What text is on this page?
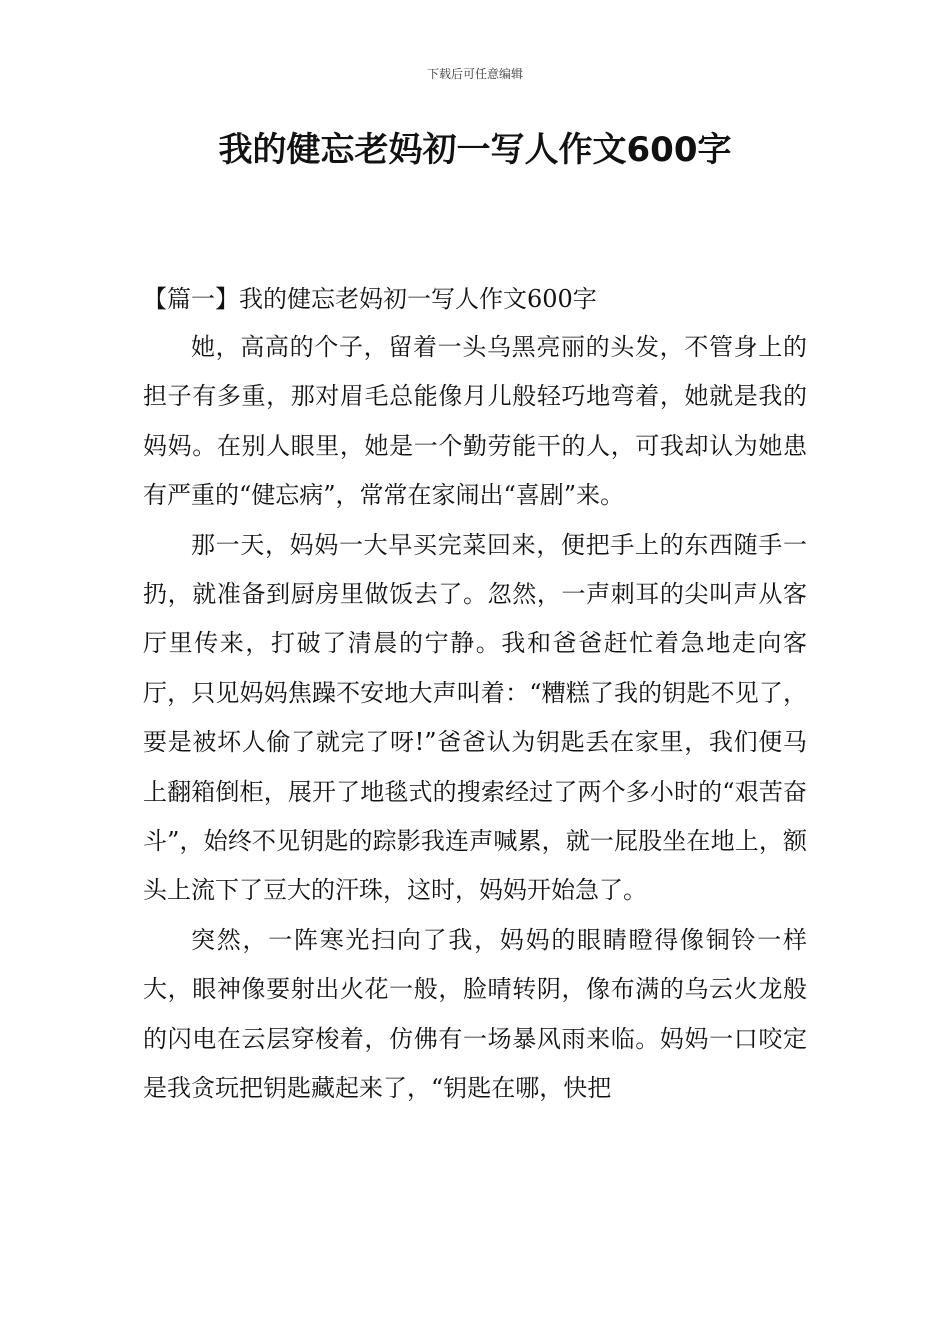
下载后可任意编辑
我的健忘老妈初一写人作文600字
【篇一】我的健忘老妈初一写人作文600字

她，高高的个子，留着一头乌黑亮丽的头发，不管身上的担子有多重，那对眉毛总能像月儿般轻巧地弯着，她就是我的妈妈。在别人眼里，她是一个勤劳能干的人，可我却认为她患有严重的“健忘病”，常常在家闹出“喜剧”来。

那一天，妈妈一大早买完菜回来，便把手上的东西随手一扔，就准备到厨房里做饭去了。忽然，一声刺耳的尖叫声从客厅里传来，打破了清晨的宁静。我和爸爸赶忙着急地走向客厅，只见妈妈焦躁不安地大声叫着：“糟糕了我的钥匙不见了，要是被坏人偷了就完了呀!”爸爸认为钥匙丢在家里，我们便马上翻箱倒柜，展开了地毯式的搜索经过了两个多小时的“艰苦奋斗”，始终不见钥匙的踪影我连声喊累，就一屁股坐在地上，额头上流下了豆大的汗珠，这时，妈妈开始急了。

突然，一阵寒光扫向了我，妈妈的眼睛瞪得像铜铃一样大，眼神像要射出火花一般，脸晴转阴，像布满的乌云火龙般的闪电在云层穿梭着，仿佛有一场暴风雨来临。妈妈一口咬定是我贪玩把钥匙藏起来了，“钥匙在哪，快把
